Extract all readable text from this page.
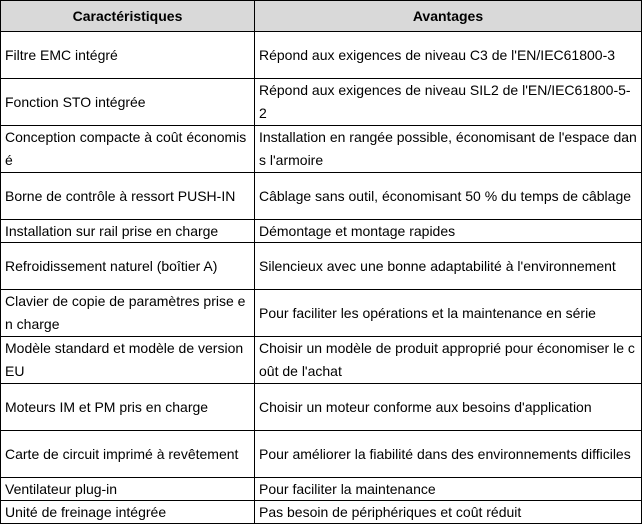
Caractéristiques	Avantages
Filtre EMC intégré	Répond aux exigences de niveau C3 de l'EN/IEC61800-3
Fonction STO intégrée	Répond aux exigences de niveau SIL2 de l'EN/IEC61800-5-2
Conception compacte à coût économisé	Installation en rangée possible, économisant de l'espace dans l'armoire
Borne de contrôle à ressort PUSH-IN	Câblage sans outil, économisant 50 % du temps de câblage
Installation sur rail prise en charge	Démontage et montage rapides
Refroidissement naturel (boîtier A)	Silencieux avec une bonne adaptabilité à l'environnement
Clavier de copie de paramètres prise en charge	Pour faciliter les opérations et la maintenance en série
Modèle standard et modèle de version EU	Choisir un modèle de produit approprié pour économiser le coût de l'achat
Moteurs IM et PM pris en charge	Choisir un moteur conforme aux besoins d'application
Carte de circuit imprimé à revêtement	Pour améliorer la fiabilité dans des environnements difficiles
Ventilateur plug-in	Pour faciliter la maintenance
Unité de freinage intégrée	Pas besoin de périphériques et coût réduit
